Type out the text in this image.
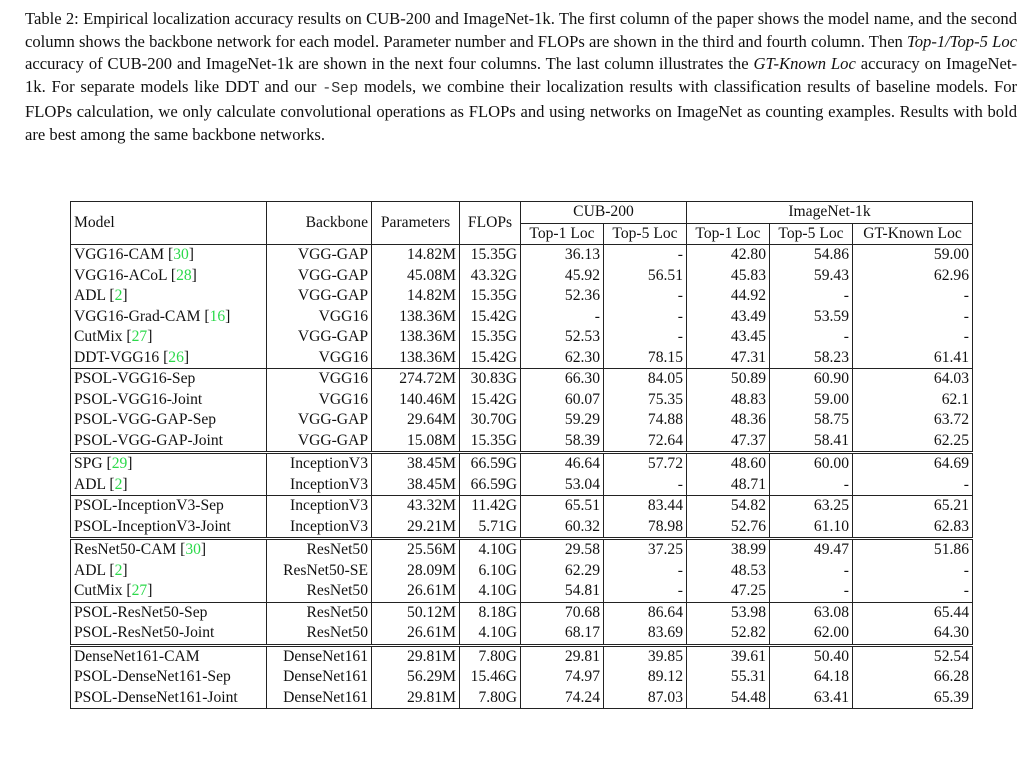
Table 2: Empirical localization accuracy results on CUB-200 and ImageNet-1k. The first column of the paper shows the model name, and the second column shows the backbone network for each model. Parameter number and FLOPs are shown in the third and fourth column. Then Top-1/Top-5 Loc accuracy of CUB-200 and ImageNet-1k are shown in the next four columns. The last column illustrates the GT-Known Loc accuracy on ImageNet-1k. For separate models like DDT and our -Sep models, we combine their localization results with classification results of baseline models. For FLOPs calculation, we only calculate convolutional operations as FLOPs and using networks on ImageNet as counting examples. Results with bold are best among the same backbone networks.
Model	Backbone	Parameters	FLOPs	CUB-200		ImageNet-1k		
				Top-1 Loc	Top-5 Loc	Top-1 Loc	Top-5 Loc	GT-Known Loc
VGG16-CAM [30]	VGG-GAP	14.82M	15.35G	36.13	-	42.80	54.86	59.00
VGG16-ACoL [28]	VGG-GAP	45.08M	43.32G	45.92	56.51	45.83	59.43	62.96
ADL [2]	VGG-GAP	14.82M	15.35G	52.36	-	44.92	-	-
VGG16-Grad-CAM [16]	VGG16	138.36M	15.42G	-	-	43.49	53.59	-
CutMix [27]	VGG-GAP	138.36M	15.35G	52.53	-	43.45	-	-
DDT-VGG16 [26]	VGG16	138.36M	15.42G	62.30	78.15	47.31	58.23	61.41
PSOL-VGG16-Sep	VGG16	274.72M	30.83G	66.30	84.05	50.89	60.90	64.03
PSOL-VGG16-Joint	VGG16	140.46M	15.42G	60.07	75.35	48.83	59.00	62.1
PSOL-VGG-GAP-Sep	VGG-GAP	29.64M	30.70G	59.29	74.88	48.36	58.75	63.72
PSOL-VGG-GAP-Joint	VGG-GAP	15.08M	15.35G	58.39	72.64	47.37	58.41	62.25
SPG [29]	InceptionV3	38.45M	66.59G	46.64	57.72	48.60	60.00	64.69
ADL [2]	InceptionV3	38.45M	66.59G	53.04	-	48.71	-	-
PSOL-InceptionV3-Sep	InceptionV3	43.32M	11.42G	65.51	83.44	54.82	63.25	65.21
PSOL-InceptionV3-Joint	InceptionV3	29.21M	5.71G	60.32	78.98	52.76	61.10	62.83
ResNet50-CAM [30]	ResNet50	25.56M	4.10G	29.58	37.25	38.99	49.47	51.86
ADL [2]	ResNet50-SE	28.09M	6.10G	62.29	-	48.53	-	-
CutMix [27]	ResNet50	26.61M	4.10G	54.81	-	47.25	-	-
PSOL-ResNet50-Sep	ResNet50	50.12M	8.18G	70.68	86.64	53.98	63.08	65.44
PSOL-ResNet50-Joint	ResNet50	26.61M	4.10G	68.17	83.69	52.82	62.00	64.30
DenseNet161-CAM	DenseNet161	29.81M	7.80G	29.81	39.85	39.61	50.40	52.54
PSOL-DenseNet161-Sep	DenseNet161	56.29M	15.46G	74.97	89.12	55.31	64.18	66.28
PSOL-DenseNet161-Joint	DenseNet161	29.81M	7.80G	74.24	87.03	54.48	63.41	65.39
